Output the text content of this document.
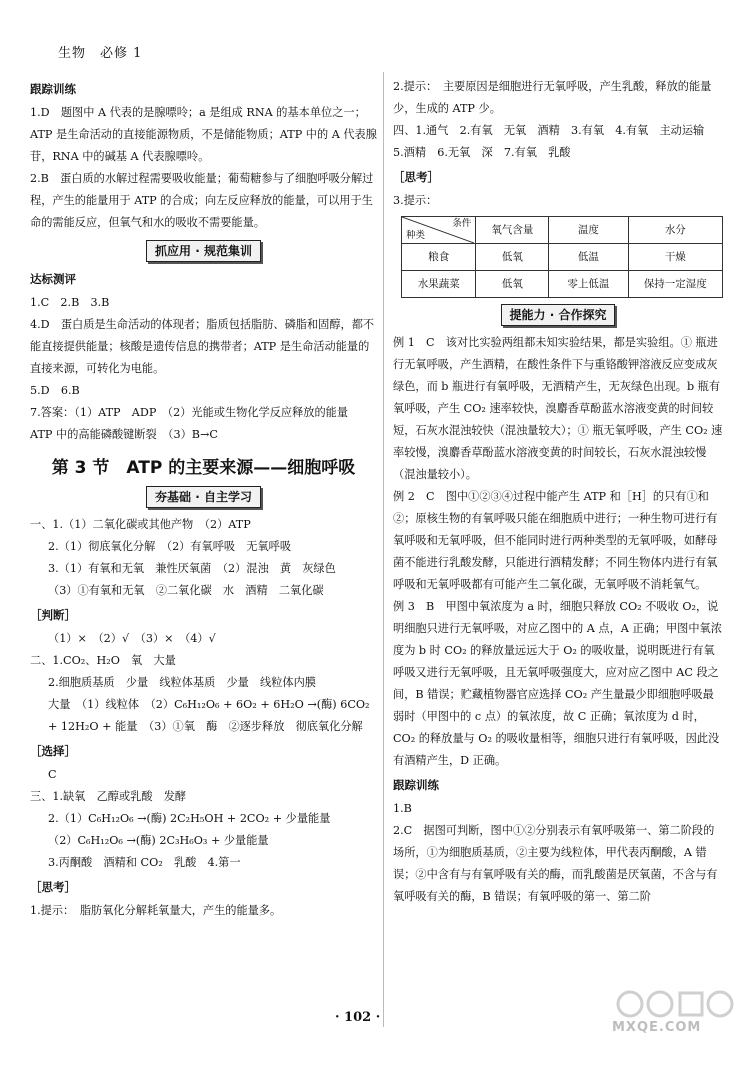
生物　必修 1
跟踪训练
1.D　题图中 A 代表的是腺嘌呤；a 是组成 RNA 的基本单位之一；ATP 是生命活动的直接能源物质，不是储能物质；ATP 中的 A 代表腺苷，RNA 中的碱基 A 代表腺嘌呤。
2.B　蛋白质的水解过程需要吸收能量；葡萄糖参与了细胞呼吸分解过程，产生的能量用于 ATP 的合成；向左反应释放的能量，可以用于生命的需能反应，但氧气和水的吸收不需要能量。
抓应用 · 规范集训
达标测评
1.C　2.B　3.B
4.D　蛋白质是生命活动的体现者；脂质包括脂肪、磷脂和固醇，都不能直接提供能量；核酸是遗传信息的携带者；ATP 是生命活动能量的直接来源，可转化为电能。
5.D　6.B
7.答案：（1）ATP　ADP　（2）光能或生物化学反应释放的能量　ATP 中的高能磷酸键断裂　（3）B→C
第 3 节　ATP 的主要来源——细胞呼吸
夯基础 · 自主学习
一、1.（1）二氧化碳或其他产物　（2）ATP
2.（1）彻底氧化分解　（2）有氧呼吸　无氧呼吸
3.（1）有氧和无氧　兼性厌氧菌　（2）混浊　黄　灰绿色
（3）①有氧和无氧　②二氧化碳　水　酒精　二氧化碳
［判断］
（1）×　（2）√　（3）×　（4）√
二、1.CO₂、H₂O　氧　大量
2.细胞质基质　少量　线粒体基质　少量　线粒体内膜
大量　（1）线粒体　（2）C₆H₁₂O₆ + 6O₂ + 6H₂O →(酶) 6CO₂ + 12H₂O + 能量　（3）①氧　酶　②逐步释放　彻底氧化分解
［选择］
C
三、1.缺氧　乙醇或乳酸　发酵
2.（1）C₆H₁₂O₆ →(酶) 2C₂H₅OH + 2CO₂ + 少量能量
（2）C₆H₁₂O₆ →(酶) 2C₃H₆O₃ + 少量能量
3.丙酮酸　酒精和 CO₂　乳酸　4.第一
［思考］
1.提示：　脂肪氧化分解耗氧量大，产生的能量多。
2.提示：　主要原因是细胞进行无氧呼吸，产生乳酸，释放的能量少，生成的 ATP 少。
四、1.通气　2.有氧　无氧　酒精　3.有氧　4.有氧　主动运输　5.酒精　6.无氧　深　7.有氧　乳酸
［思考］
3.提示：
条件
种类	氧气含量	温度	水分
粮食	低氧	低温	干燥
水果蔬菜	低氧	零上低温	保持一定湿度
提能力 · 合作探究
例 1　C　该对比实验两组都未知实验结果，都是实验组。① 瓶进行无氧呼吸，产生酒精，在酸性条件下与重铬酸钾溶液反应变成灰绿色，而 b 瓶进行有氧呼吸，无酒精产生，无灰绿色出现。b 瓶有氧呼吸，产生 CO₂ 速率较快，溴麝香草酚蓝水溶液变黄的时间较短，石灰水混浊较快（混浊量较大）；① 瓶无氧呼吸，产生 CO₂ 速率较慢，溴麝香草酚蓝水溶液变黄的时间较长，石灰水混浊较慢（混浊量较小）。
例 2　C　图中①②③④过程中能产生 ATP 和［H］的只有①和②；原核生物的有氧呼吸只能在细胞质中进行；一种生物可进行有氧呼吸和无氧呼吸，但不能同时进行两种类型的无氧呼吸，如酵母菌不能进行乳酸发酵，只能进行酒精发酵；不同生物体内进行有氧呼吸和无氧呼吸都有可能产生二氧化碳，无氧呼吸不消耗氧气。
例 3　B　甲图中氧浓度为 a 时，细胞只释放 CO₂ 不吸收 O₂，说明细胞只进行无氧呼吸，对应乙图中的 A 点，A 正确；甲图中氧浓度为 b 时 CO₂ 的释放量远远大于 O₂ 的吸收量，说明既进行有氧呼吸又进行无氧呼吸，且无氧呼吸强度大，应对应乙图中 AC 段之间，B 错误；贮藏植物器官应选择 CO₂ 产生量最少即细胞呼吸最弱时（甲图中的 c 点）的氧浓度，故 C 正确；氧浓度为 d 时，CO₂ 的释放量与 O₂ 的吸收量相等，细胞只进行有氧呼吸，因此没有酒精产生，D 正确。
跟踪训练
1.B
2.C　据图可判断，图中①②分别表示有氧呼吸第一、第二阶段的场所，①为细胞质基质，②主要为线粒体，甲代表丙酮酸，A 错误；②中含有与有氧呼吸有关的酶，而乳酸菌是厌氧菌，不含与有氧呼吸有关的酶，B 错误；有氧呼吸的第一、第二阶
· 102 ·
MXQE.COM
